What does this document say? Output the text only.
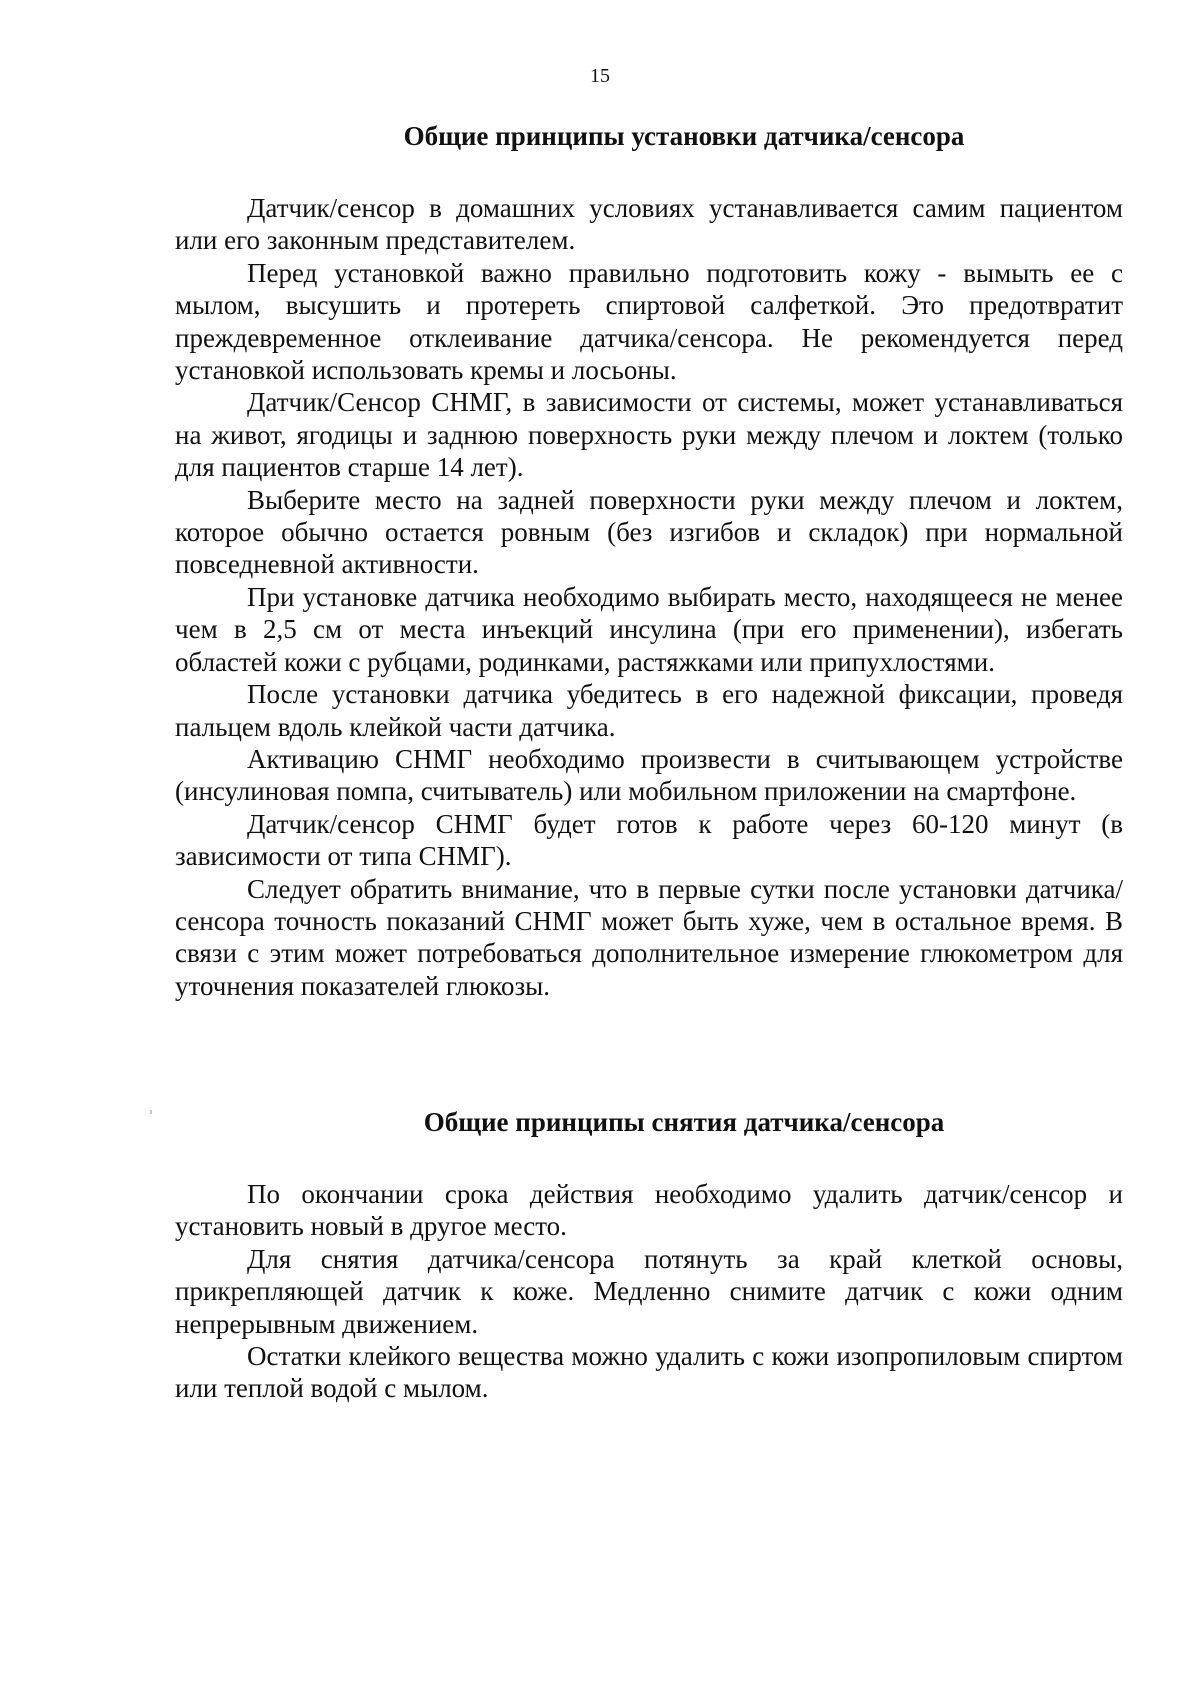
15
Общие принципы установки датчика/сенсора

Датчик/сенсор в домашних условиях устанавливается самим пациентом или его законным представителем.

Перед установкой важно правильно подготовить кожу - вымыть ее с мылом, высушить и протереть спиртовой салфеткой. Это предотвратит преждевременное отклеивание датчика/сенсора. Не рекомендуется перед установкой использовать кремы и лосьоны.

Датчик/Сенсор СНМГ, в зависимости от системы, может устанавливаться на живот, ягодицы и заднюю поверхность руки между плечом и локтем (только для пациентов старше 14 лет).

Выберите место на задней поверхности руки между плечом и локтем, которое обычно остается ровным (без изгибов и складок) при нормальной повседневной активности.

При установке датчика необходимо выбирать место, находящееся не менее чем в 2,5 см от места инъекций инсулина (при его применении), избегать областей кожи с рубцами, родинками, растяжками или припухлостями.

После установки датчика убедитесь в его надежной фиксации, проведя пальцем вдоль клейкой части датчика.

Активацию СНМГ необходимо произвести в считывающем устройстве (инсулиновая помпа, считыватель) или мобильном приложении на смартфоне.

Датчик/сенсор СНМГ будет готов к работе через 60-120 минут (в зависимости от типа СНМГ).

Следует обратить внимание, что в первые сутки после установки датчика/сенсора точность показаний СНМГ может быть хуже, чем в остальное время. В связи с этим может потребоваться дополнительное измерение глюкометром для уточнения показателей глюкозы.

Общие принципы снятия датчика/сенсора

По окончании срока действия необходимо удалить датчик/сенсор и установить новый в другое место.

Для снятия датчика/сенсора потянуть за край клеткой основы, прикрепляющей датчик к коже. Медленно снимите датчик с кожи одним непрерывным движением.

Остатки клейкого вещества можно удалить с кожи изопропиловым спиртом или теплой водой с мылом.
